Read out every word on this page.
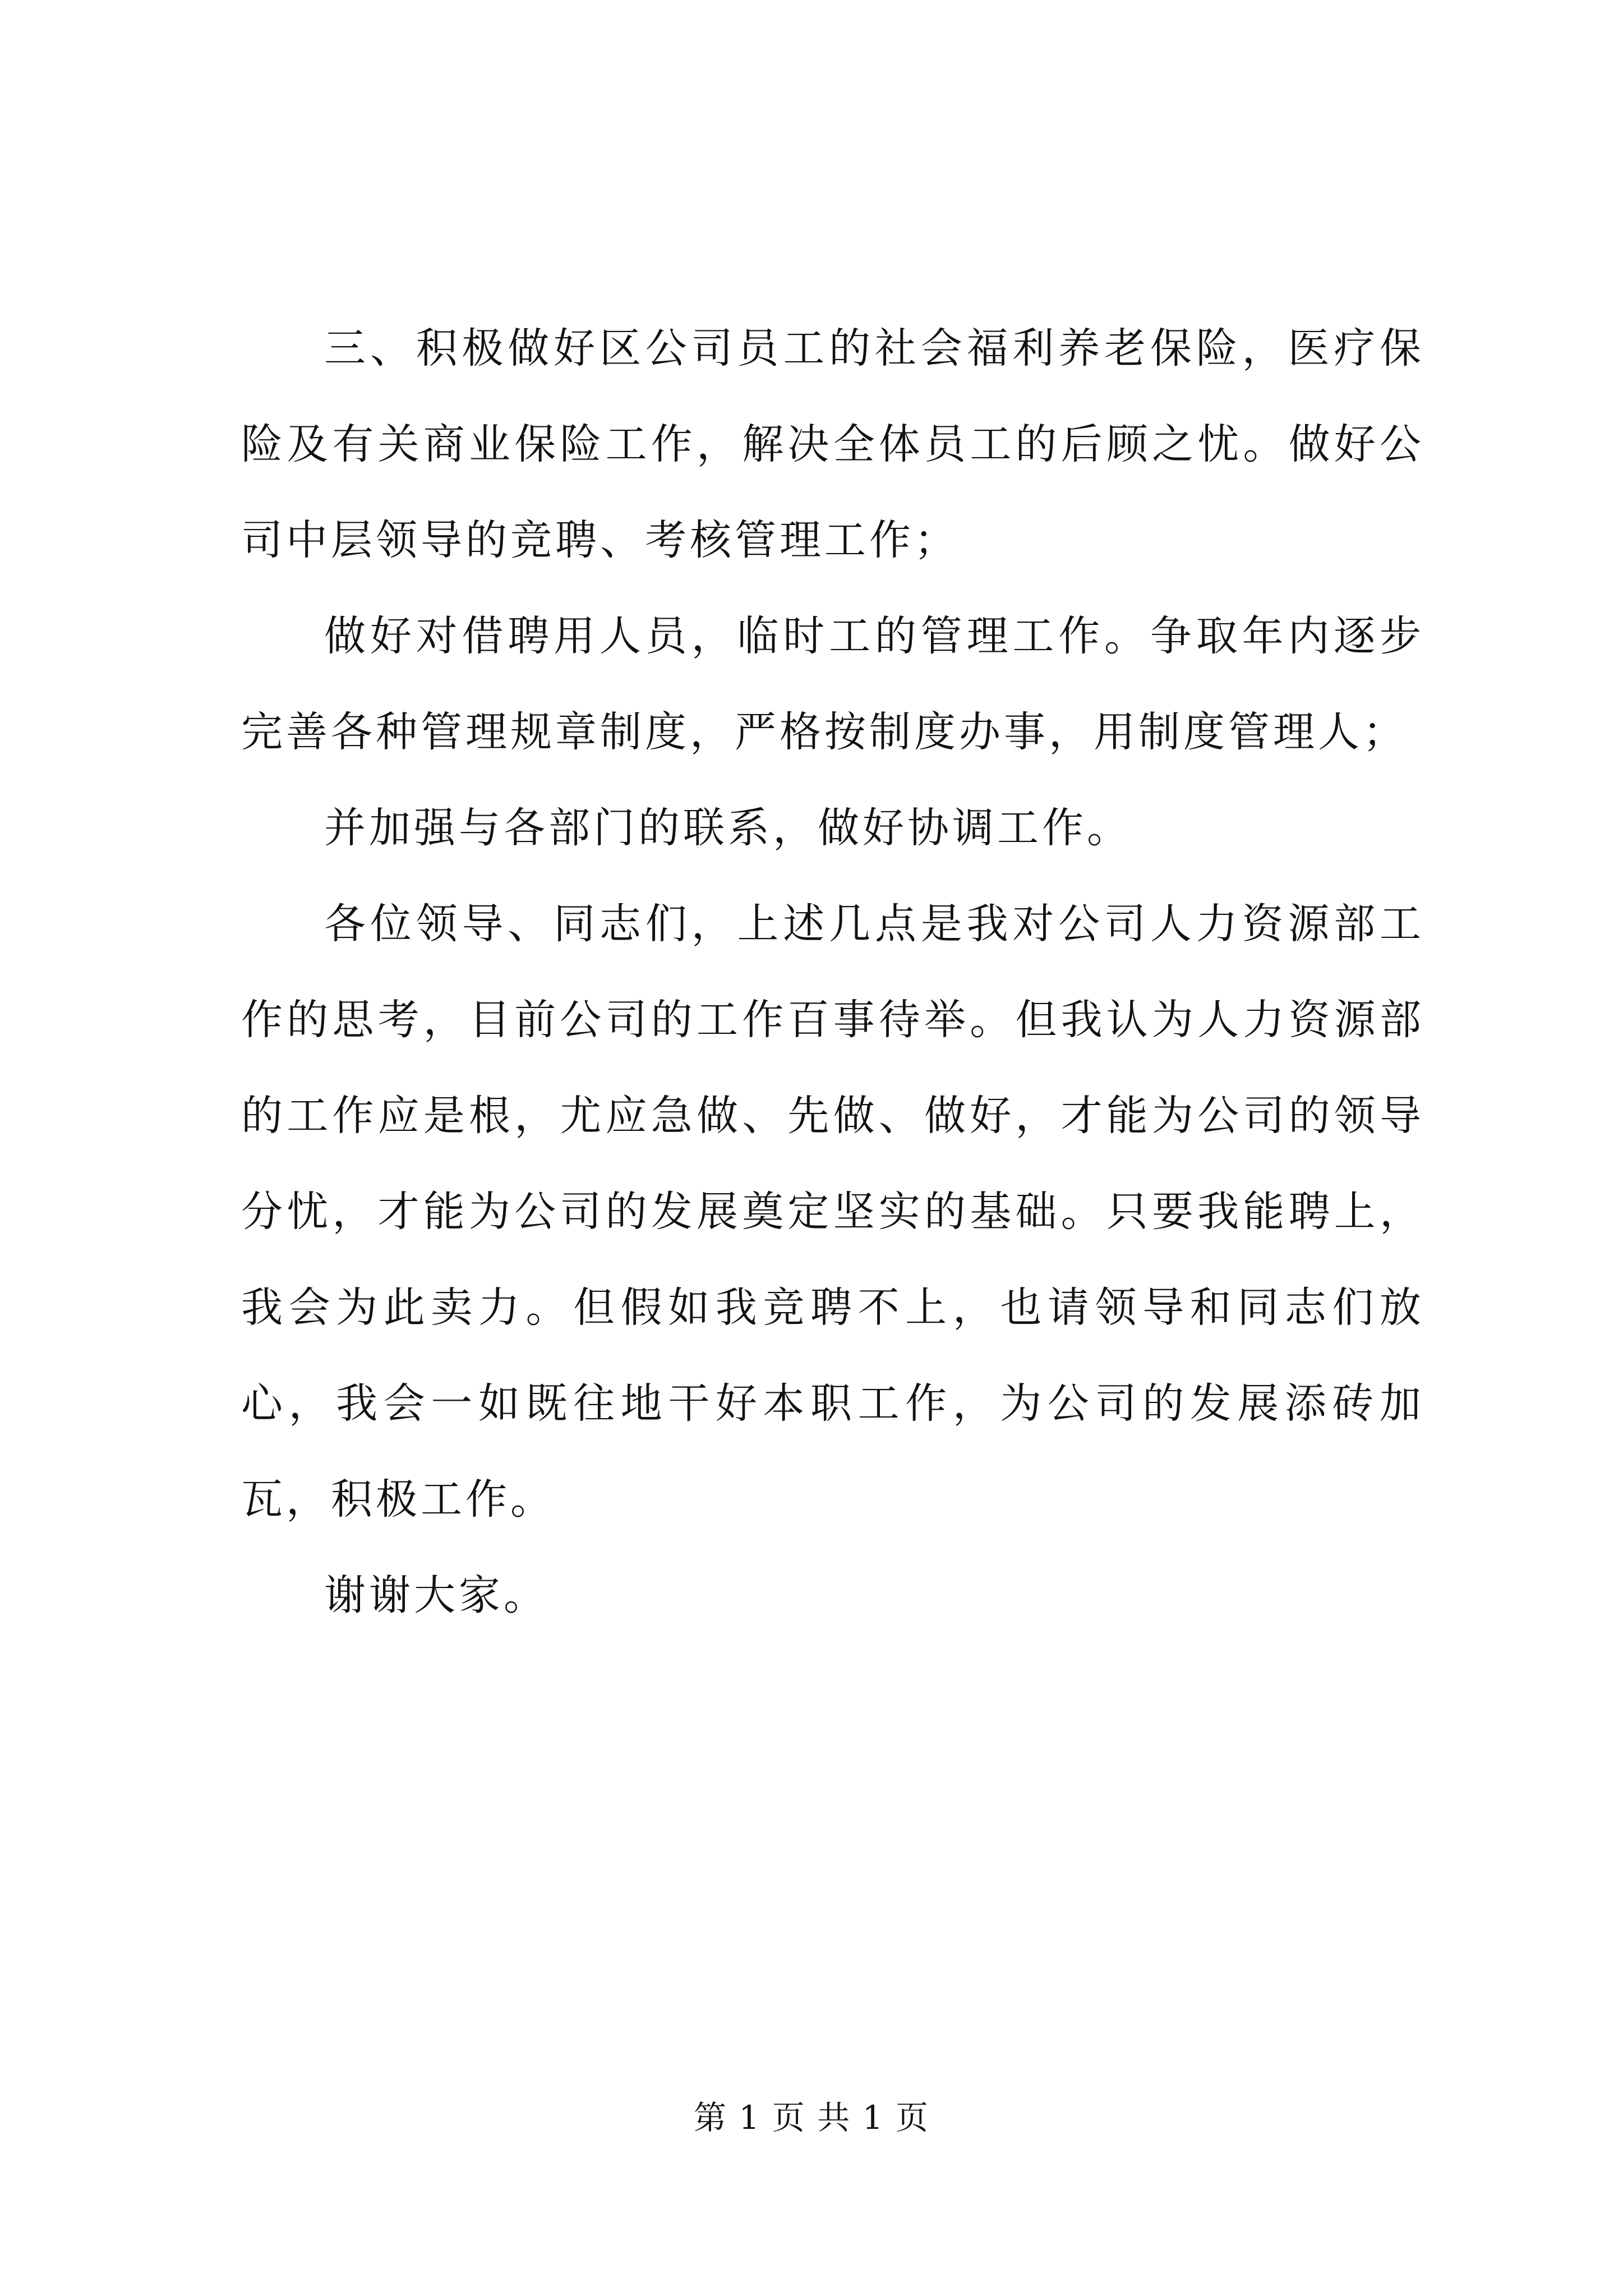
三、积极做好区公司员工的社会福利养老保险，医疗保险及有关商业保险工作，解决全体员工的后顾之忧。做好公司中层领导的竞聘、考核管理工作；

做好对借聘用人员，临时工的管理工作。争取年内逐步完善各种管理规章制度，严格按制度办事，用制度管理人；

并加强与各部门的联系，做好协调工作。

各位领导、同志们，上述几点是我对公司人力资源部工作的思考，目前公司的工作百事待举。但我认为人力资源部的工作应是根，尤应急做、先做、做好，才能为公司的领导分忧，才能为公司的发展奠定坚实的基础。只要我能聘上，我会为此卖力。但假如我竞聘不上，也请领导和同志们放心，我会一如既往地干好本职工作，为公司的发展添砖加瓦，积极工作。

谢谢大家。

第 1 页 共 1 页
